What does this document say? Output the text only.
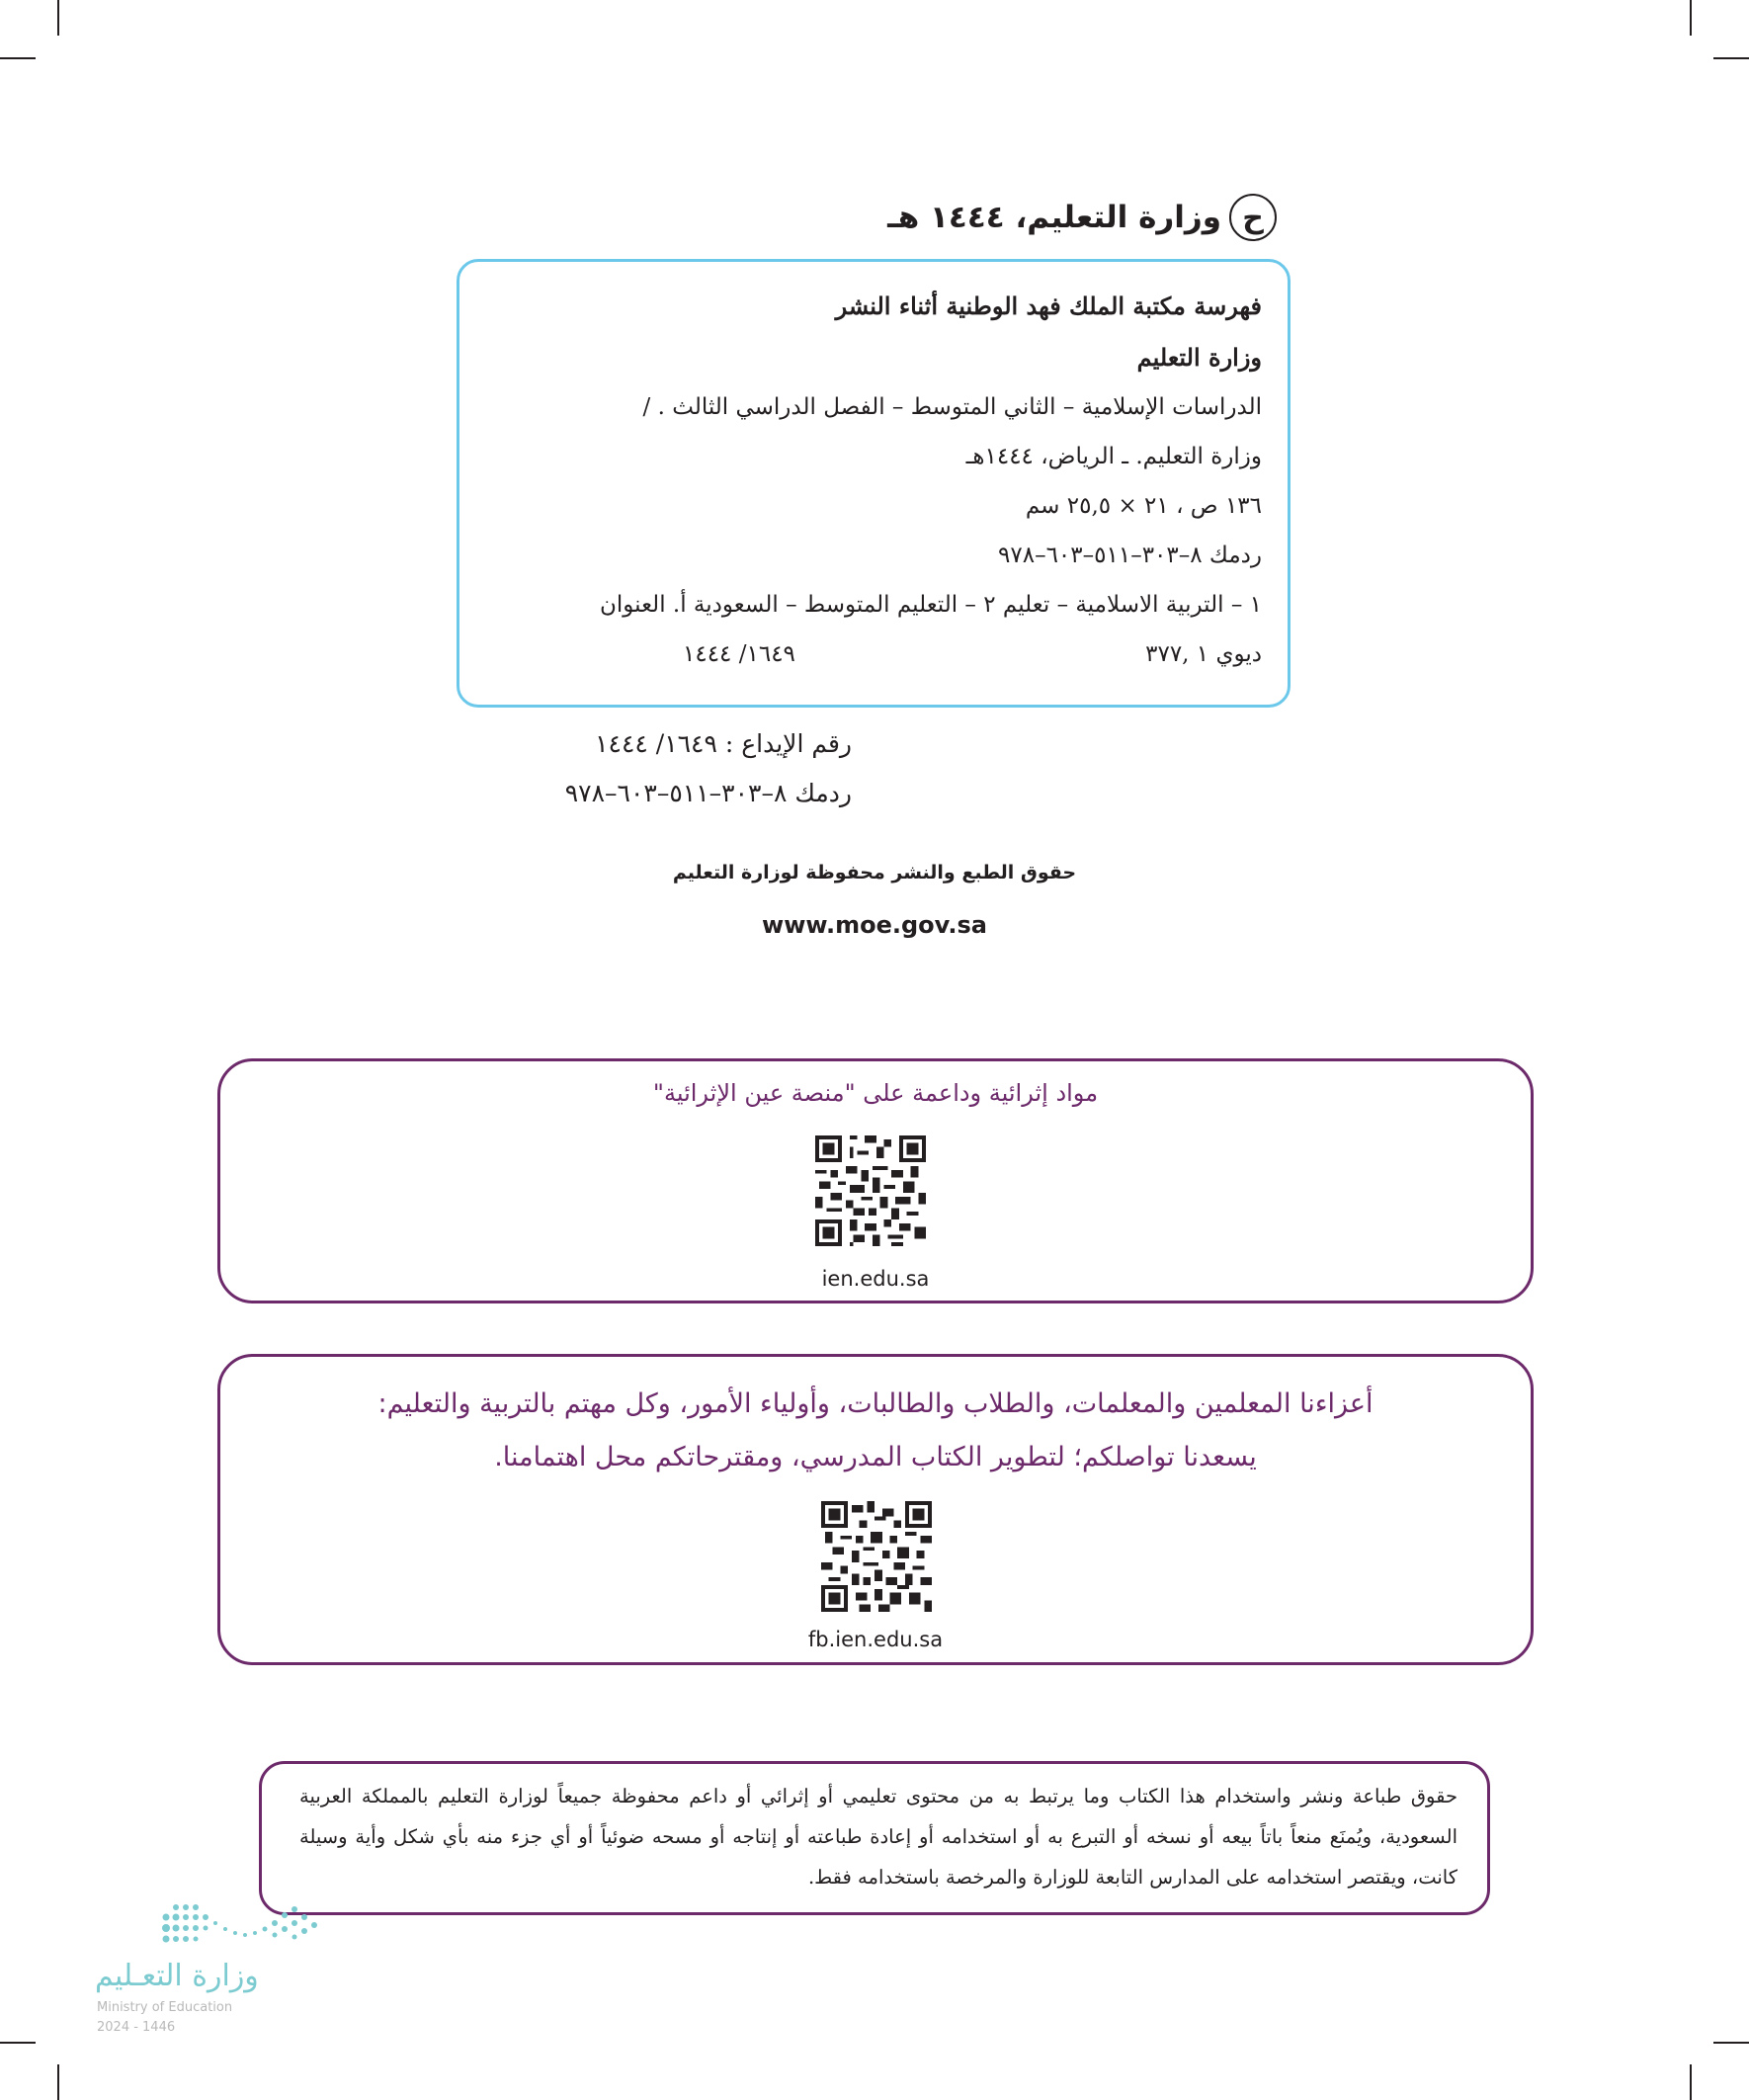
ح
وزارة التعليم، ١٤٤٤ هـ
فهرسة مكتبة الملك فهد الوطنية أثناء النشر
وزارة التعليم
الدراسات الإسلامية – الثاني المتوسط – الفصل الدراسي الثالث . /
وزارة التعليم. ـ الرياض، ١٤٤٤هـ
١٣٦ ص ، ٢١ × ٢٥,٥ سم
ردمك ٨–٣٠٣–٥١١–٦٠٣–٩٧٨
١ – التربية الاسلامية – تعليم ٢ – التعليم المتوسط – السعودية أ. العنوان
ديوي ١ ,٣٧٧
١٦٤٩/ ١٤٤٤
رقم الإيداع : ١٦٤٩/ ١٤٤٤
ردمك ٨–٣٠٣–٥١١–٦٠٣–٩٧٨
حقوق الطبع والنشر محفوظة لوزارة التعليم
www.moe.gov.sa
مواد إثرائية وداعمة على "منصة عين الإثرائية"
ien.edu.sa
أعزاءنا المعلمين والمعلمات، والطلاب والطالبات، وأولياء الأمور، وكل مهتم بالتربية والتعليم:
يسعدنا تواصلكم؛ لتطوير الكتاب المدرسي، ومقترحاتكم محل اهتمامنا.
fb.ien.edu.sa
حقوق طباعة ونشر واستخدام هذا الكتاب وما يرتبط به من محتوى تعليمي أو إثرائي أو داعم محفوظة جميعاً لوزارة التعليم بالمملكة العربية السعودية، ويُمنَع منعاً باتاً بيعه أو نسخه أو التبرع به أو استخدامه أو إعادة طباعته أو إنتاجه أو مسحه ضوئياً أو أي جزء منه بأي شكل وأية وسيلة كانت، ويقتصر استخدامه على المدارس التابعة للوزارة والمرخصة باستخدامه فقط.
وزارة التعـليم
Ministry of Education
2024 - 1446
